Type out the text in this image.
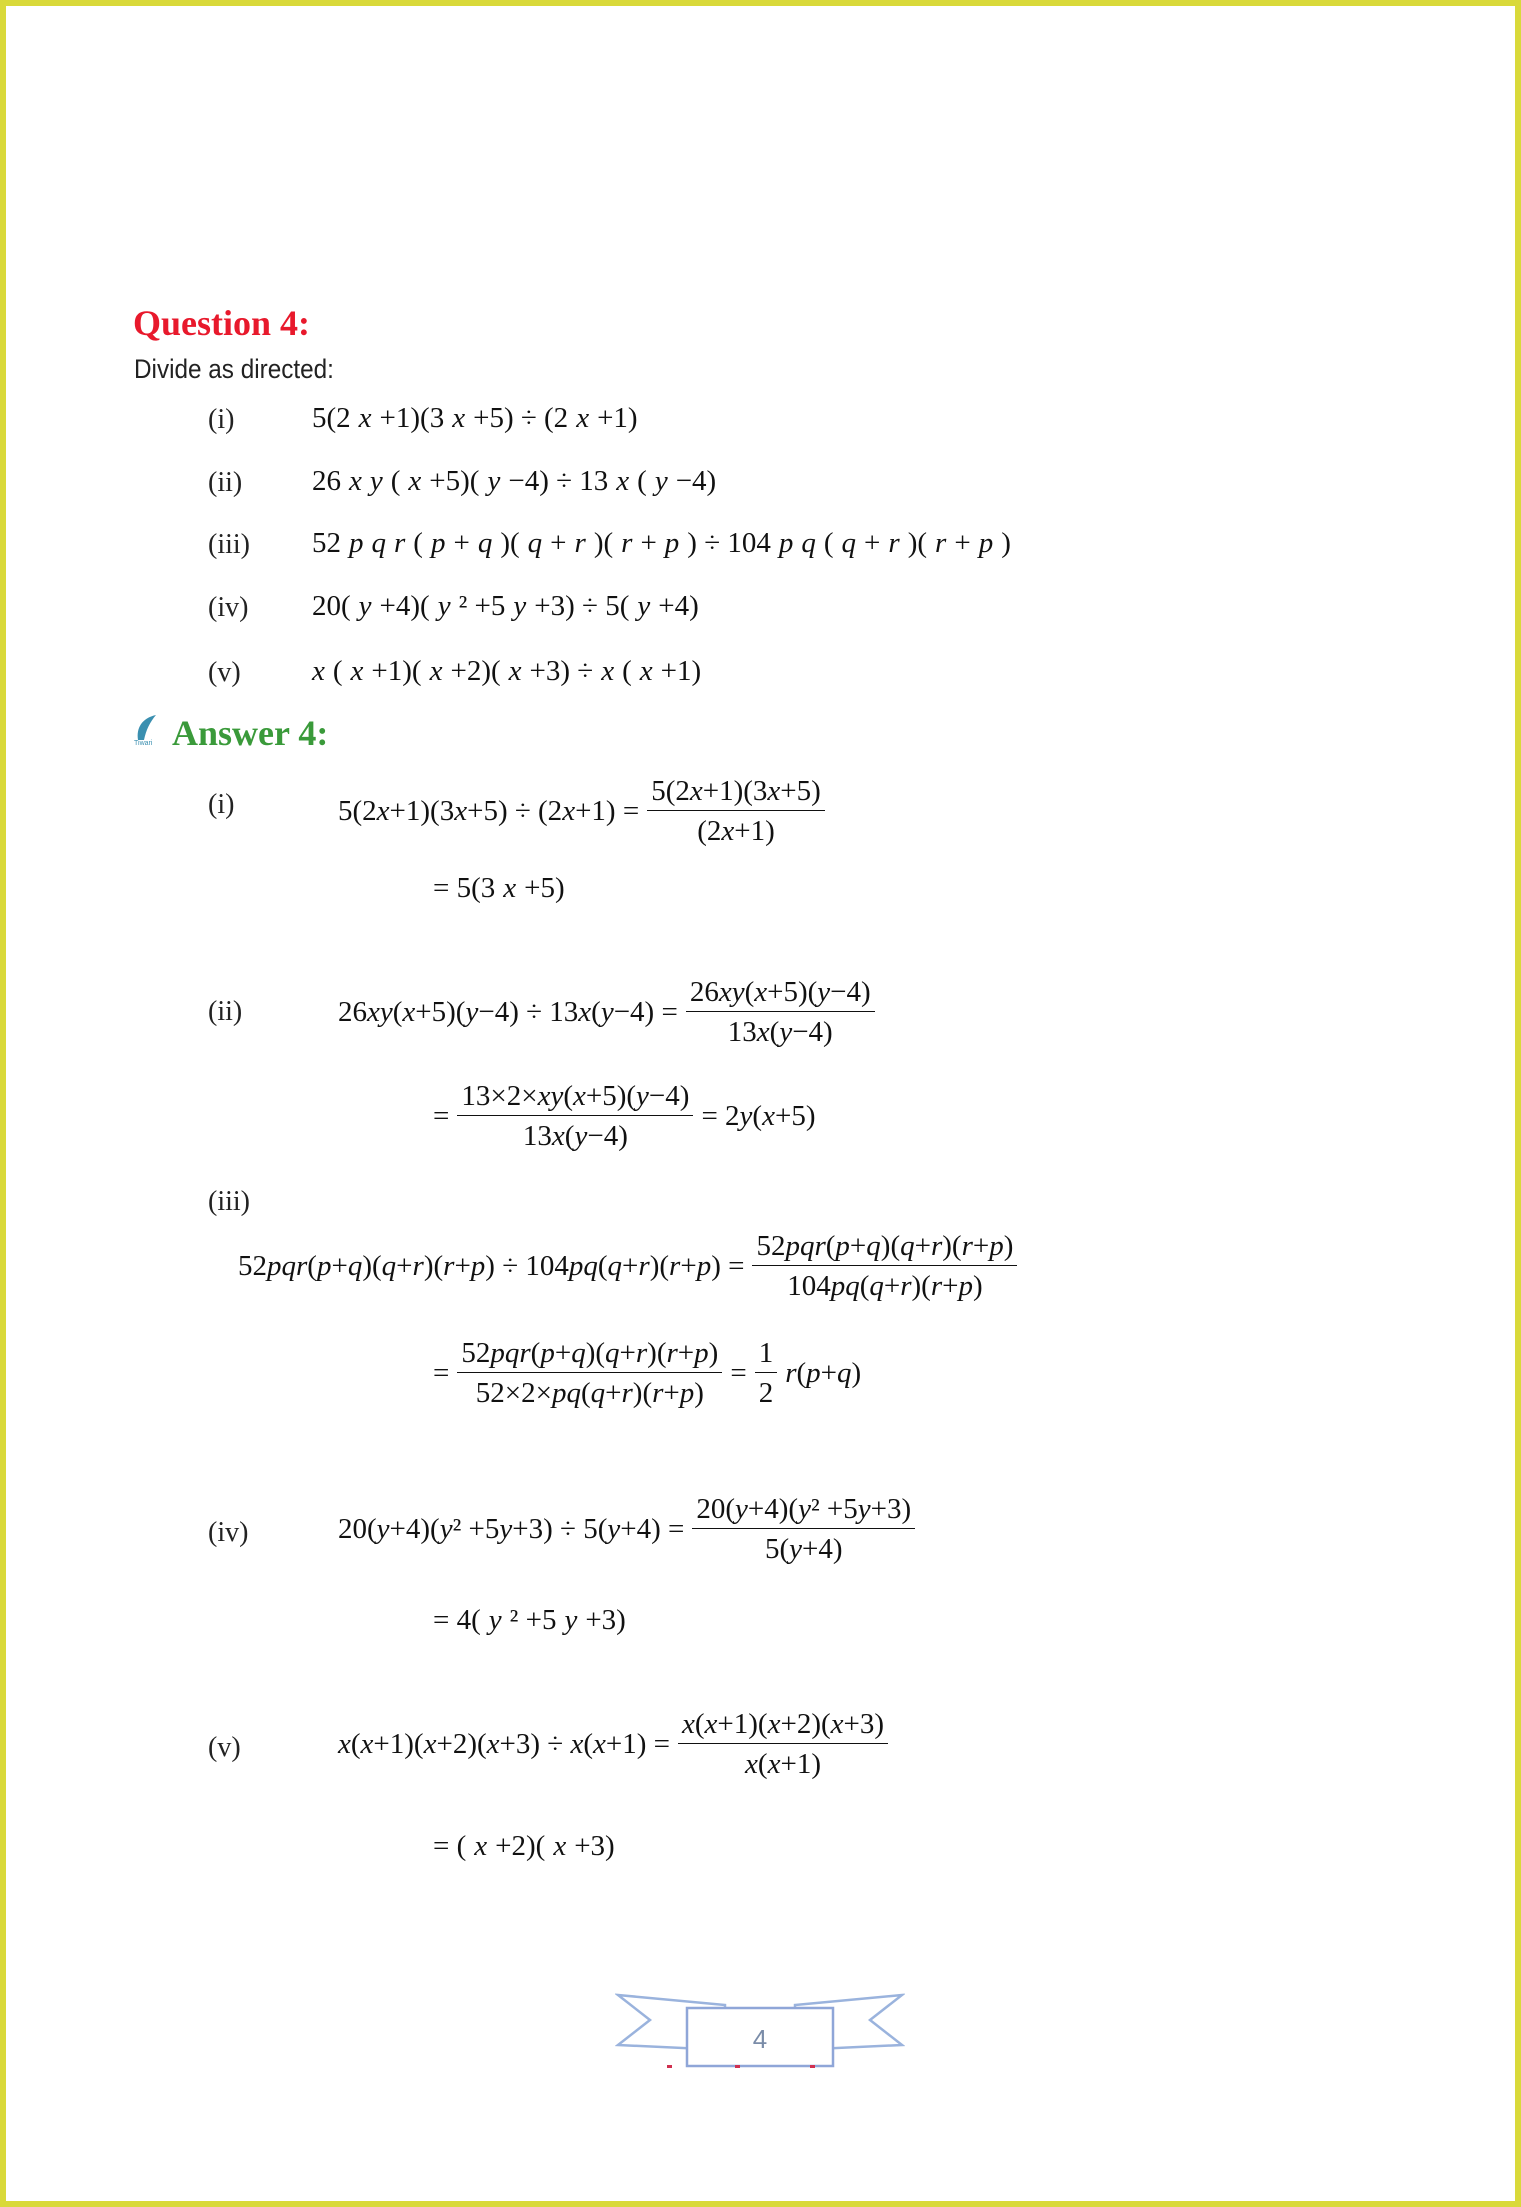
Question 4:
Divide as directed:
(i)	5(2 x +1)(3 x +5) ÷ (2 x +1)
(ii) 26 x y ( x +5)( y −4) ÷ 13 x ( y −4)
(iii) 52 p q r ( p + q )( q + r )( r + p ) ÷ 104 p q ( q + r )( r + p )
(iv) 20( y +4)( y ² +5 y +3) ÷ 5( y +4)
(v) x ( x +1)( x +2)( x +3) ÷ x ( x +1)
Tiwari Answer 4:
(i)	$5(2x+1)(3x+5) \div (2x+1) = \frac{5(2x+1)(3x+5)}{(2x+1)}$
= 5(3 x +5)
(ii)	$26xy(x+5)(y-4) \div 13x(y-4) = \frac{26xy(x+5)(y-4)}{13x(y-4)}$
= $\frac{13\times 2\times xy(x+5)(y-4)}{13x(y-4)} = 2y(x+5)$
(iii)
$52pqr(p+q)(q+r)(r+p) \div 104pq(q+r)(r+p) = \frac{\text{52pqr(p+q)(q+r)(r+p)}}{104pq(q+r)(r+p)}$
= $\frac{\text{52pqr(p+q)(q+r)(r+p)}}{52\times 2\times pq(q+r)(r+p)} = \frac{1}{2} r(p+q)$
(iv)	$20(y+4)(y^2 +5y+3) \div 5(y+4) = \frac{\text{20(y+4)(y² +5y+3)}}{5(y+4)}$
= 4( y ² +5 y +3)
(v)	$x(x+1)(x+2)(x+3) \div x(x+1) = \frac{x(x+1)(x+2)(x+3)}{x(x+1)}$
= ( x +2)( x +3)
4
